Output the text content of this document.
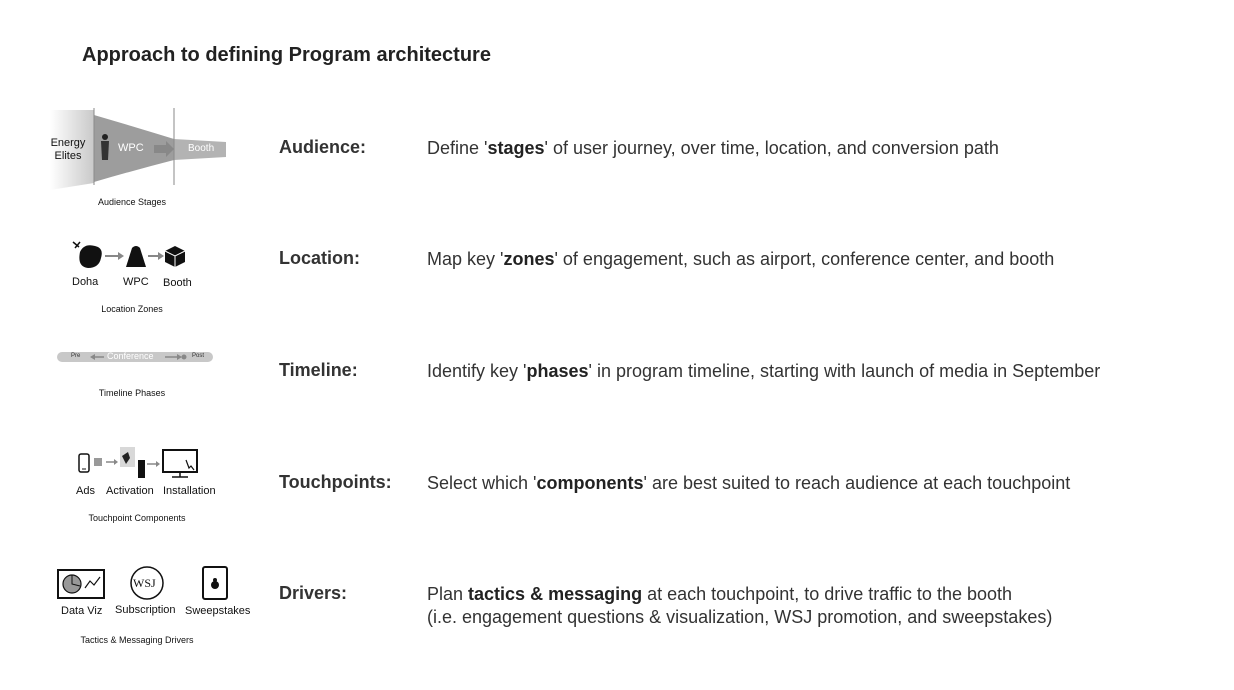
Approach to defining Program architecture
Energy
Elites
WPC	Booth
Audience Stages
Audience:	Define 'stages' of user journey, over time, location, and conversion path
Doha WPC Booth
Location Zones
Location:	Map key 'zones' of engagement, such as airport, conference center, and booth
Pre	Conference	Post
Timeline Phases
Timeline:	Identify key 'phases' in program timeline, starting with launch of media in September
Ads Activation Installation
Touchpoint Components
Touchpoints: Select which 'components' are best suited to reach audience at each touchpoint
WSJ
Data Viz Subscription Sweepstakes
Tactics & Messaging Drivers
Drivers:	Plan tactics & messaging at each touchpoint, to drive traffic to the booth
(i.e. engagement questions & visualization, WSJ promotion, and sweepstakes)
